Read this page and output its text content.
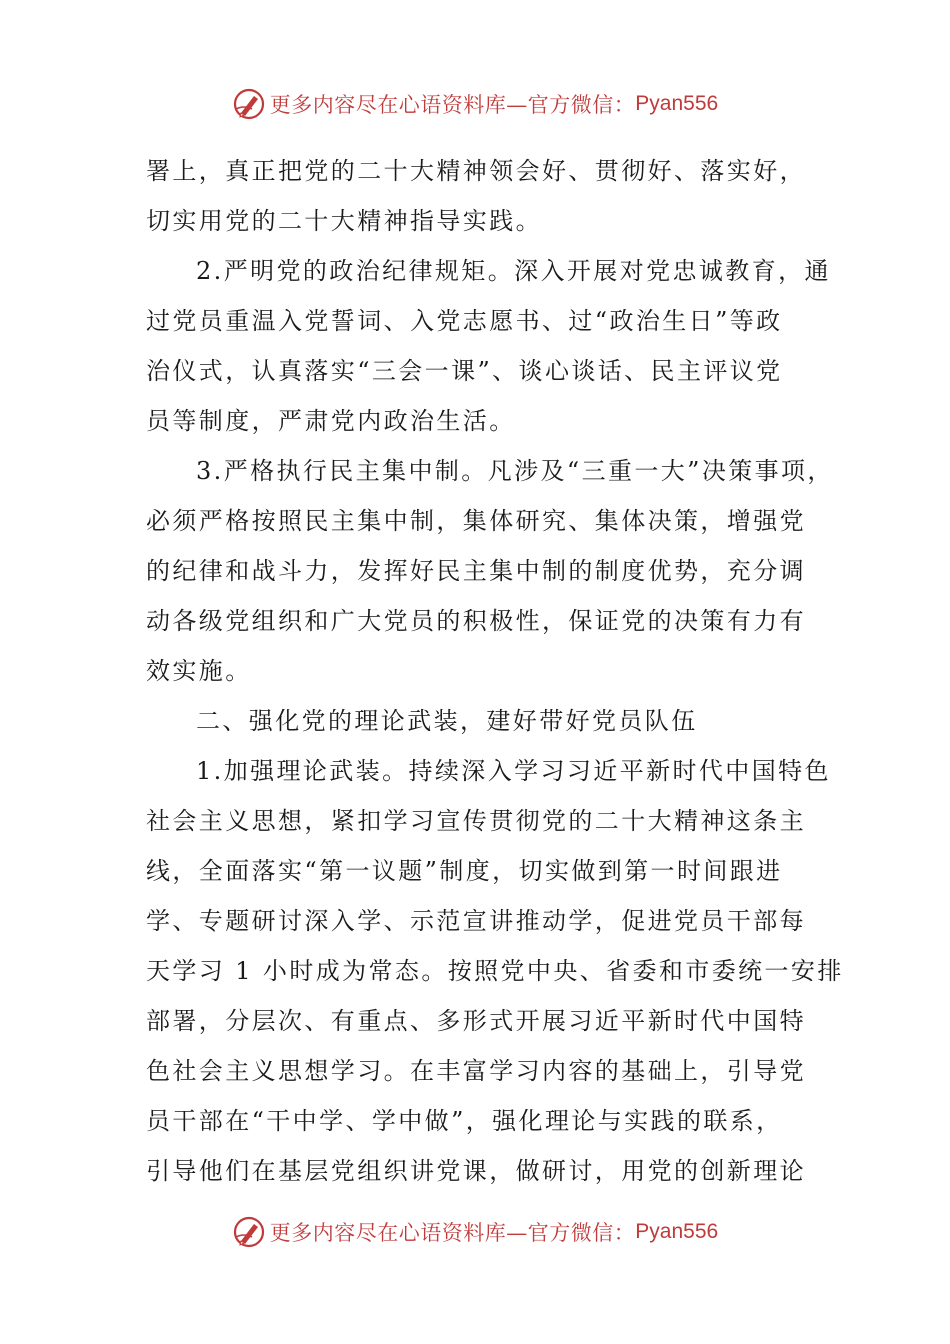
更多内容尽在心语资料库—官方微信： Pyan556
署上，真正把党的二十大精神领会好、贯彻好、落实好，
切实用党的二十大精神指导实践。
2.严明党的政治纪律规矩。深入开展对党忠诚教育，通
过党员重温入党誓词、入党志愿书、过“政治生日”等政
治仪式，认真落实“三会一课”、谈心谈话、民主评议党
员等制度，严肃党内政治生活。
3.严格执行民主集中制。凡涉及“三重一大”决策事项，
必须严格按照民主集中制，集体研究、集体决策，增强党
的纪律和战斗力，发挥好民主集中制的制度优势，充分调
动各级党组织和广大党员的积极性，保证党的决策有力有
效实施。
二、强化党的理论武装，建好带好党员队伍
1.加强理论武装。持续深入学习习近平新时代中国特色
社会主义思想，紧扣学习宣传贯彻党的二十大精神这条主
线，全面落实“第一议题”制度，切实做到第一时间跟进
学、专题研讨深入学、示范宣讲推动学，促进党员干部每
天学习 1 小时成为常态。按照党中央、省委和市委统一安排
部署，分层次、有重点、多形式开展习近平新时代中国特
色社会主义思想学习。在丰富学习内容的基础上，引导党
员干部在“干中学、学中做”，强化理论与实践的联系，
引导他们在基层党组织讲党课，做研讨，用党的创新理论
更多内容尽在心语资料库—官方微信： Pyan556
